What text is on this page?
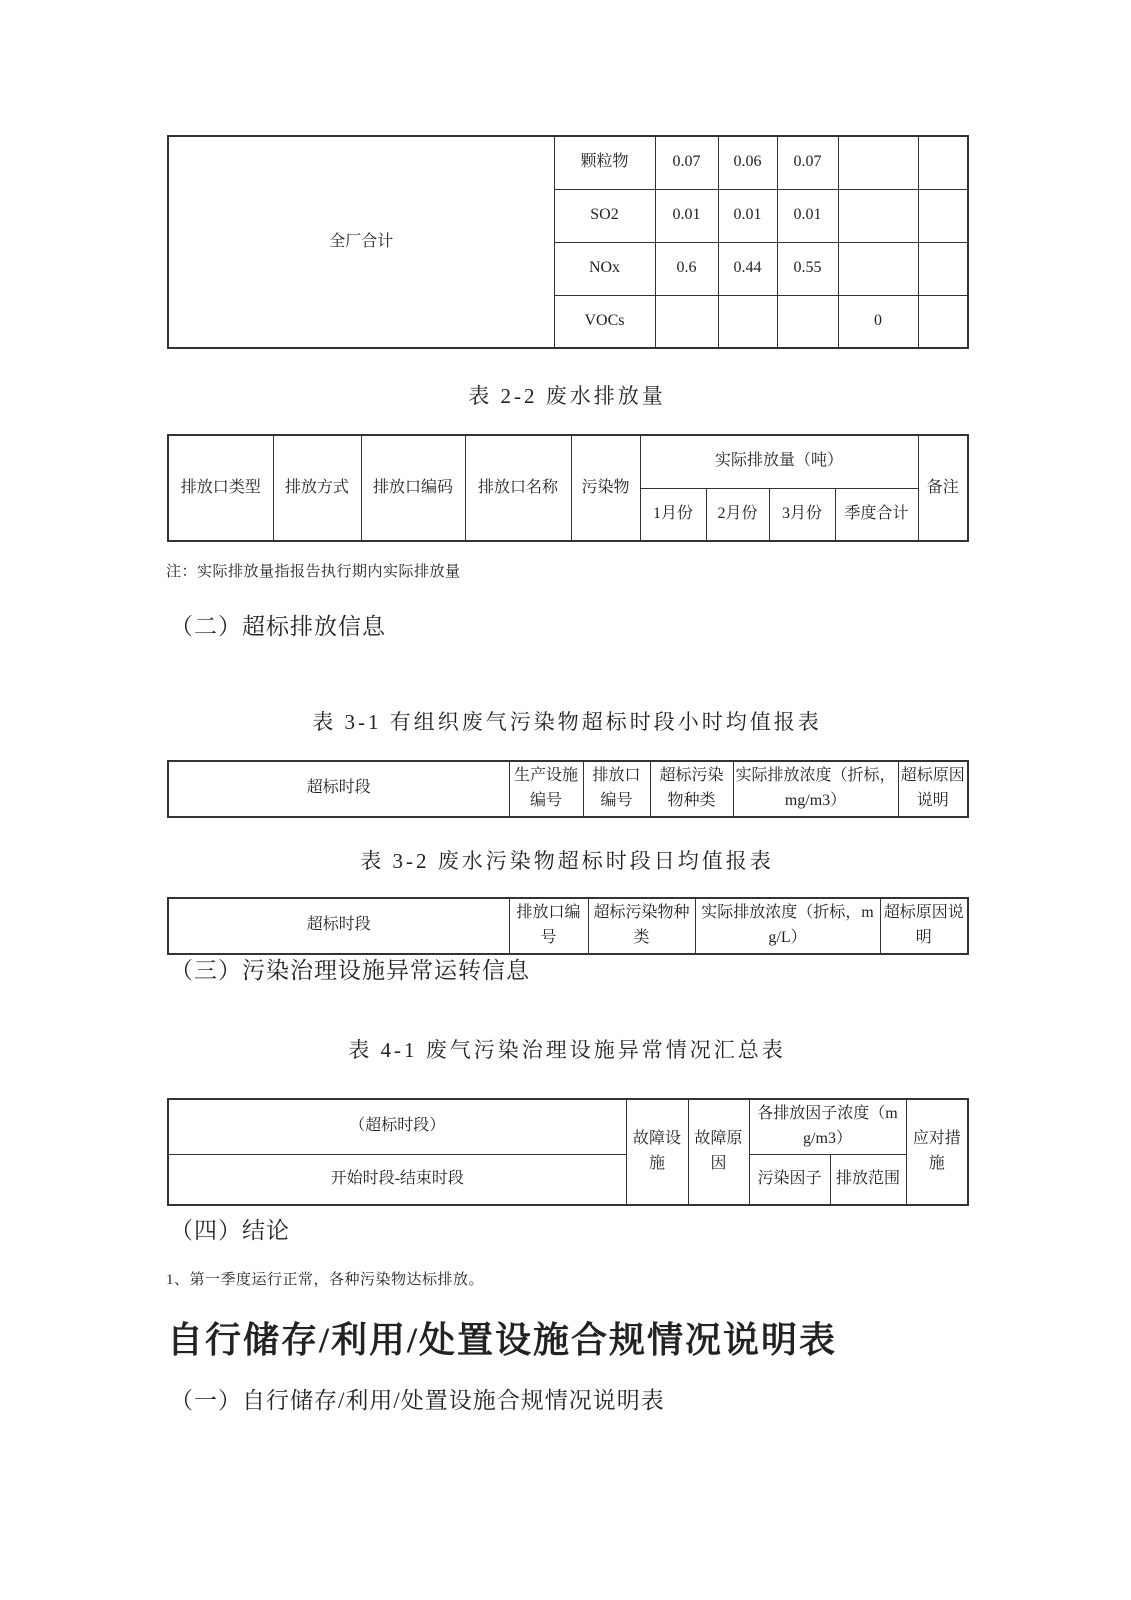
全厂合计	颗粒物	0.07	0.06	0.07		
	SO2	0.01	0.01	0.01		
	NOx	0.6	0.44	0.55		
	VOCs				0	
表 2-2 废水排放量
排放口类型	排放方式	排放口编码	排放口名称	污染物	实际排放量（吨）				备注
					1月份	2月份	3月份	季度合计	
注：实际排放量指报告执行期内实际排放量
（二）超标排放信息
表 3-1 有组织废气污染物超标时段小时均值报表
超标时段	生产设施编号	排放口编号	超标污染物种类	实际排放浓度（折标，mg/m3）	超标原因说明
表 3-2 废水污染物超标时段日均值报表
超标时段	排放口编号	超标污染物种类	实际排放浓度（折标，mg/L）	超标原因说明
（三）污染治理设施异常运转信息
表 4-1 废气污染治理设施异常情况汇总表
（超标时段）	故障设施	故障原因	各排放因子浓度（mg/m3）		应对措施
开始时段-结束时段			污染因子	排放范围	
（四）结论
1、第一季度运行正常，各种污染物达标排放。
自行储存/利用/处置设施合规情况说明表
（一）自行储存/利用/处置设施合规情况说明表
